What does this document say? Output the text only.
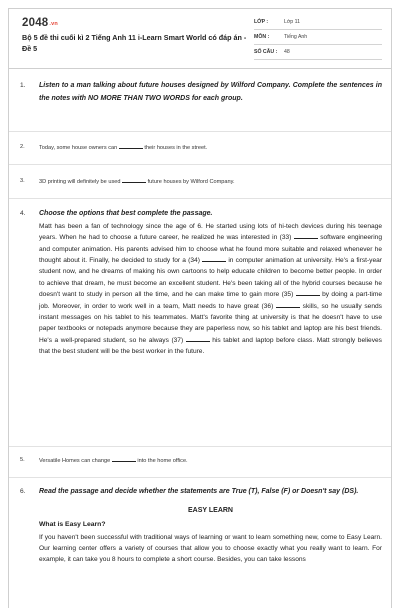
2048.vn
Bộ 5 đề thi cuối kì 2 Tiếng Anh 11 i-Learn Smart World có đáp án - Đề 5
LỚP :	Lớp 11
MÔN :	Tiếng Anh
SỐ CÂU :	48
1. Listen to a man talking about future houses designed by Wilford Company. Complete the sentences in the notes with NO MORE THAN TWO WORDS for each group.
2.	Today, some house owners can	their houses in the street.
3.	3D printing will definitely be used	future houses by Wilford Company.
4. Choose the options that best complete the passage.

Matt has been a fan of technology since the age of 6. He started using lots of hi-tech devices during his teenage years. When he had to choose a future career, he realized he was interested in (33)	software engineering and computer animation. His parents advised him to choose what he found more suitable and relaxed whenever he thought about it. Finally, he decided to study for a (34)	in computer animation at university. He's a first-year student now, and he dreams of making his own cartoons to help educate children to become better people. In order to achieve that dream, he must become an excellent student. He's been taking all of the hybrid courses because he doesn't want to study in person all the time, and he can make time to gain more (35)	by doing a part-time job. Moreover, in order to work well in a team, Matt needs to have great (36)	skills, so he usually sends instant messages on his tablet to his teammates. Matt's favorite thing at university is that he doesn't have to use paper textbooks or notepads anymore because they are paperless now, so his tablet and laptop are his best friends. He's a well-prepared student, so he always (37)	his tablet and laptop before class. Matt strongly believes that the best student will be the best worker in the future.

5.	Versatile Homes can change	into the home office.
6. Read the passage and decide whether the statements are True (T), False (F) or Doesn't say (DS).
EASY LEARN
What is Easy Learn?

If you haven't been successful with traditional ways of learning or want to learn something new, come to Easy Learn. Our learning center offers a variety of courses that allow you to choose exactly what you really want to learn. For example, it can take you 8 hours to complete a short course. Besides, you can take lessons
